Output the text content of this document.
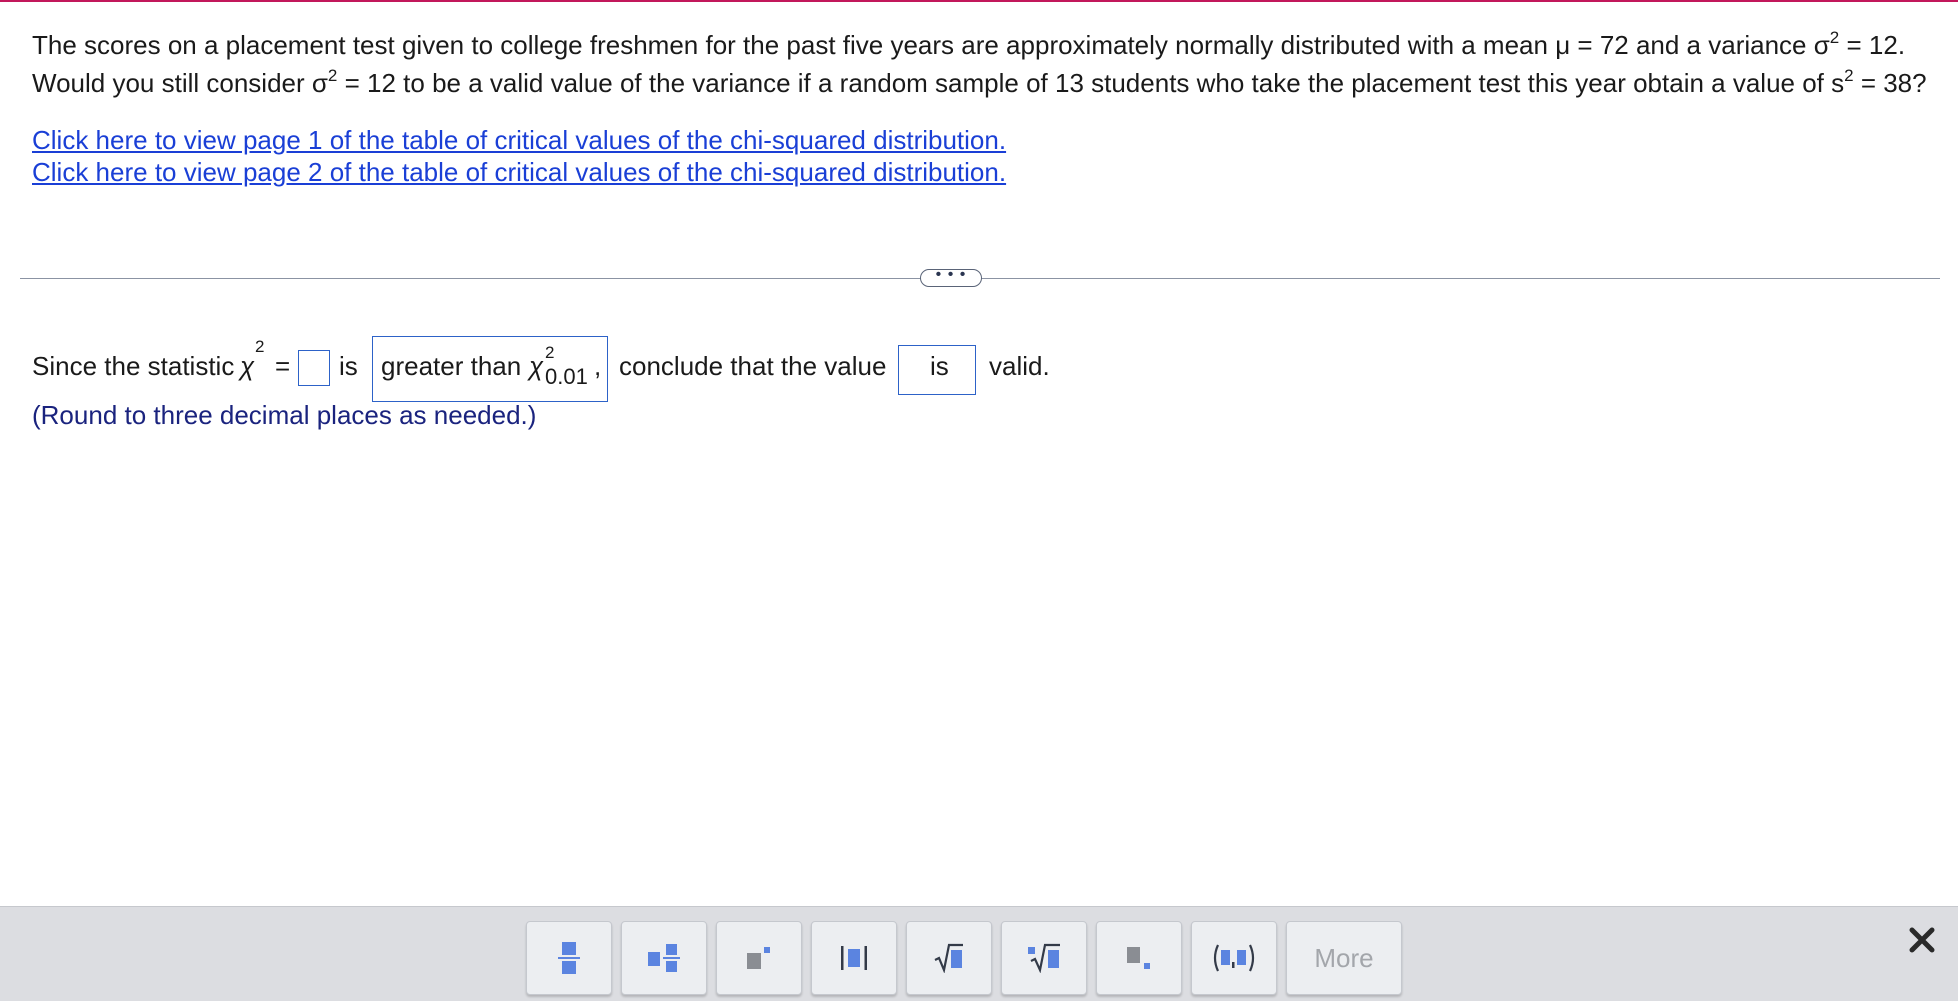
The scores on a placement test given to college freshmen for the past five years are approximately normally distributed with a mean μ = 72 and a variance $\sigma^2 = 12$.

Would you still consider $\sigma^2 = 12$ to be a valid value of the variance if a random sample of 13 students who take the placement test this year obtain a value of $s^2 = 38$?

Click here to view page 1 of the table of critical values of the chi-squared distribution.
Click here to view page 2 of the table of critical values of the chi-squared distribution.
• • •
Since the statistic χ
2
= is greater than χ 2
0.01 , conclude that the value is valid.
(Round to three decimal places as needed.)
More
